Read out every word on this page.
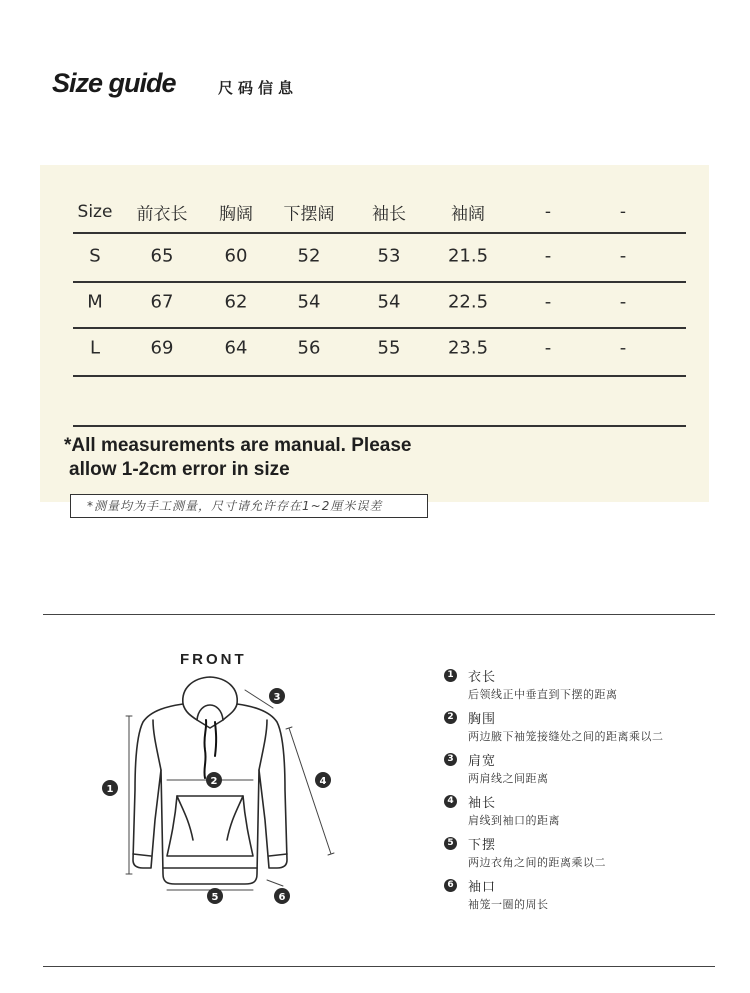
Size guide	尺码信息
Size 前衣长 胸阔 下摆阔 袖长	袖阔	-	-
S	65	60	52	53	21.5	-	-
M	67	62	54	54	22.5	-	-
L	69	64	56	55	23.5	-	-
*All measurements are manual. Please
allow 1-2cm error in size
*测量均为手工测量，尺寸请允许存在1~2厘米误差
FRONT
1
2
3
4
5	6
1 衣长
后领线正中垂直到下摆的距离
2 胸围
两边腋下袖笼接缝处之间的距离乘以二
3 肩宽
两肩线之间距离
4 袖长
肩线到袖口的距离
5 下摆
两边衣角之间的距离乘以二
6 袖口
袖笼一圈的周长
